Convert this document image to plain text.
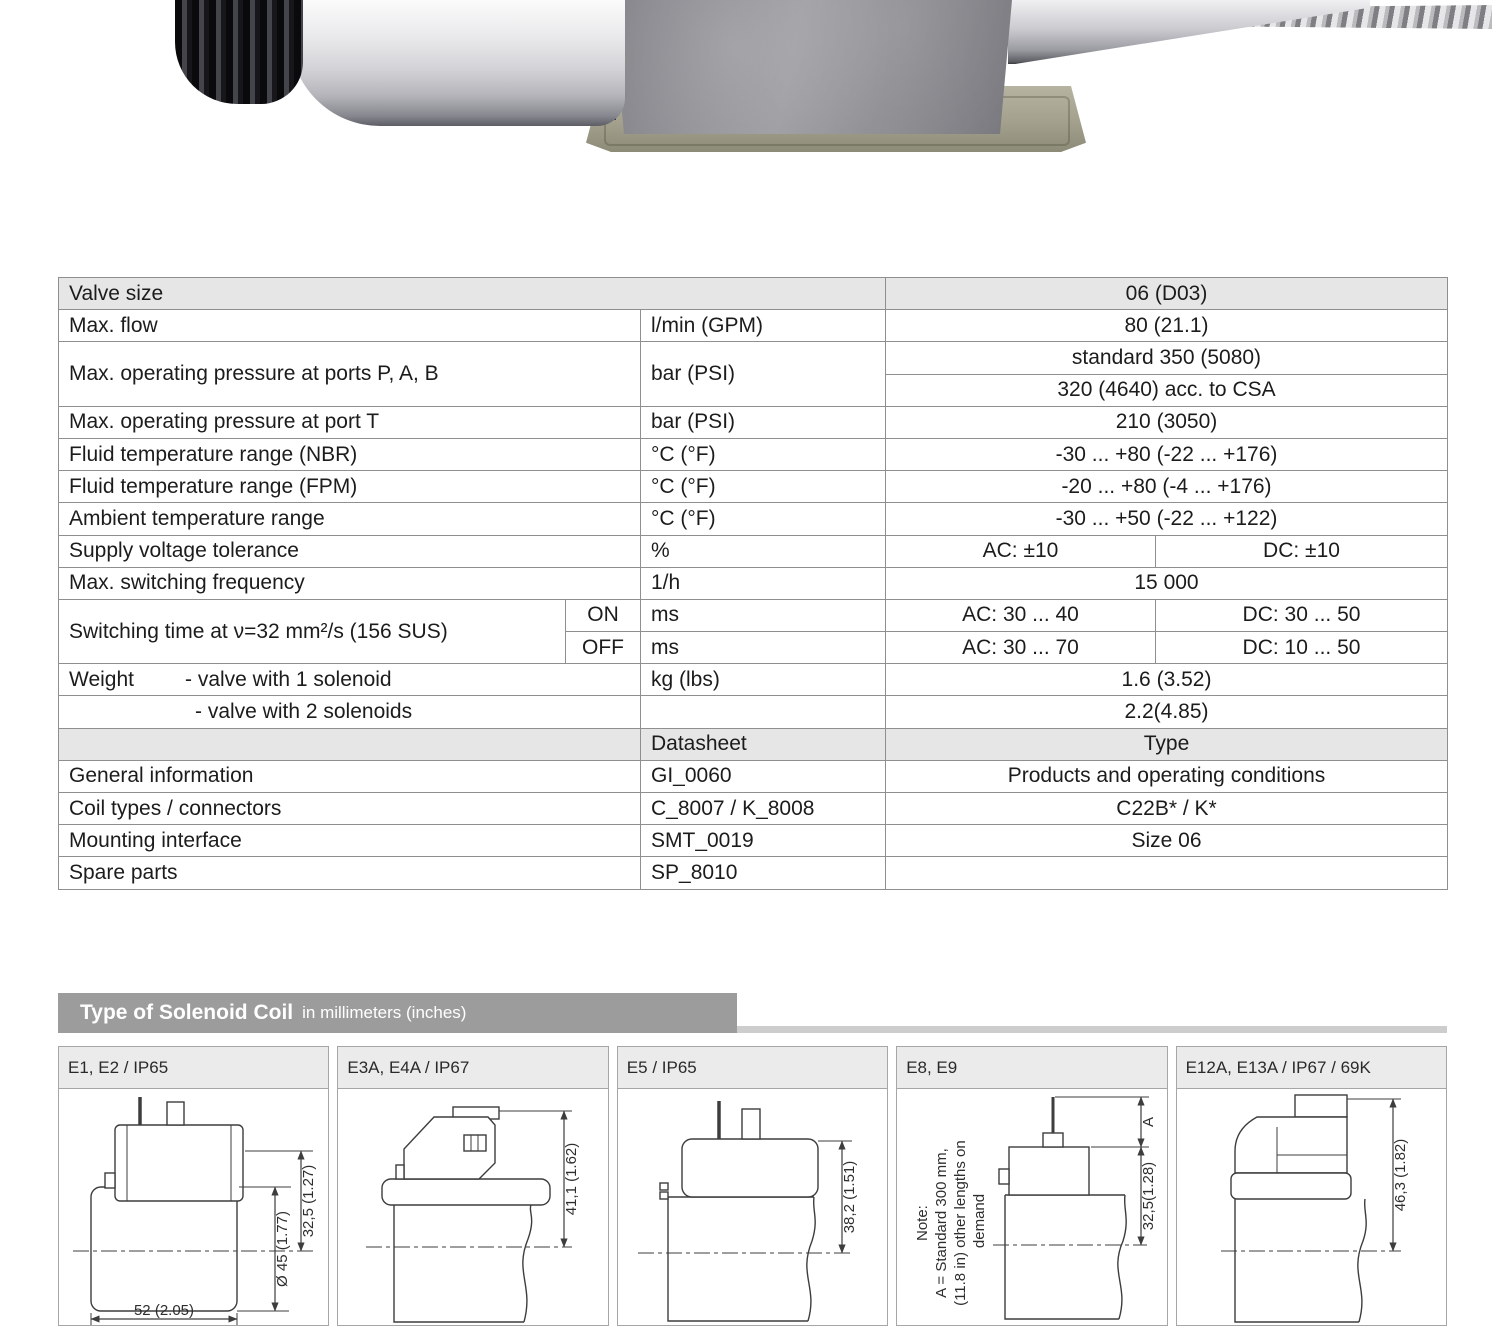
Valve size	06 (D03)
Max. flow	l/min (GPM)	80 (21.1)
Max. operating pressure at ports P, A, B	bar (PSI)
standard 350 (5080)
320 (4640) acc. to CSA
Max. operating pressure at port T	bar (PSI)	210 (3050)
Fluid temperature range (NBR)	°C (°F)	-30 ... +80 (-22 ... +176)
Fluid temperature range (FPM)	°C (°F)	-20 ... +80 (-4 ... +176)
Ambient temperature range	°C (°F)	-30 ... +50 (-22 ... +122)
Supply voltage tolerance	%	AC: ±10	DC: ±10
Max. switching frequency	1/h	15 000
Switching time at ν=32 mm²/s (156 SUS)
ON	ms	AC: 30 ... 40	DC: 30 ... 50
OFF	ms	AC: 30 ... 70	DC: 10 ... 50
Weight	- valve with 1 solenoid	kg (lbs)	1.6 (3.52)
- valve with 2 solenoids	2.2(4.85)
Datasheet	Type
General information	GI_0060	Products and operating conditions
Coil types / connectors	C_8007 / K_8008	C22B* / K*
Mounting interface	SMT_0019	Size 06
Spare parts	SP_8010
Type of Solenoid Coil in millimeters (inches)
E1, E2 / IP65
32,5 (1.27)
Ø 45 (1.77)
52 (2.05)
E3A, E4A / IP67
41,1 (1.62)
E5 / IP65
38,2 (1.51)
E8, E9
Note: A = Standard 300 mm, (11.8 in) other lengths on demand
A
32,5(1.28)
E12A, E13A / IP67 / 69K
46,3 (1.82)
